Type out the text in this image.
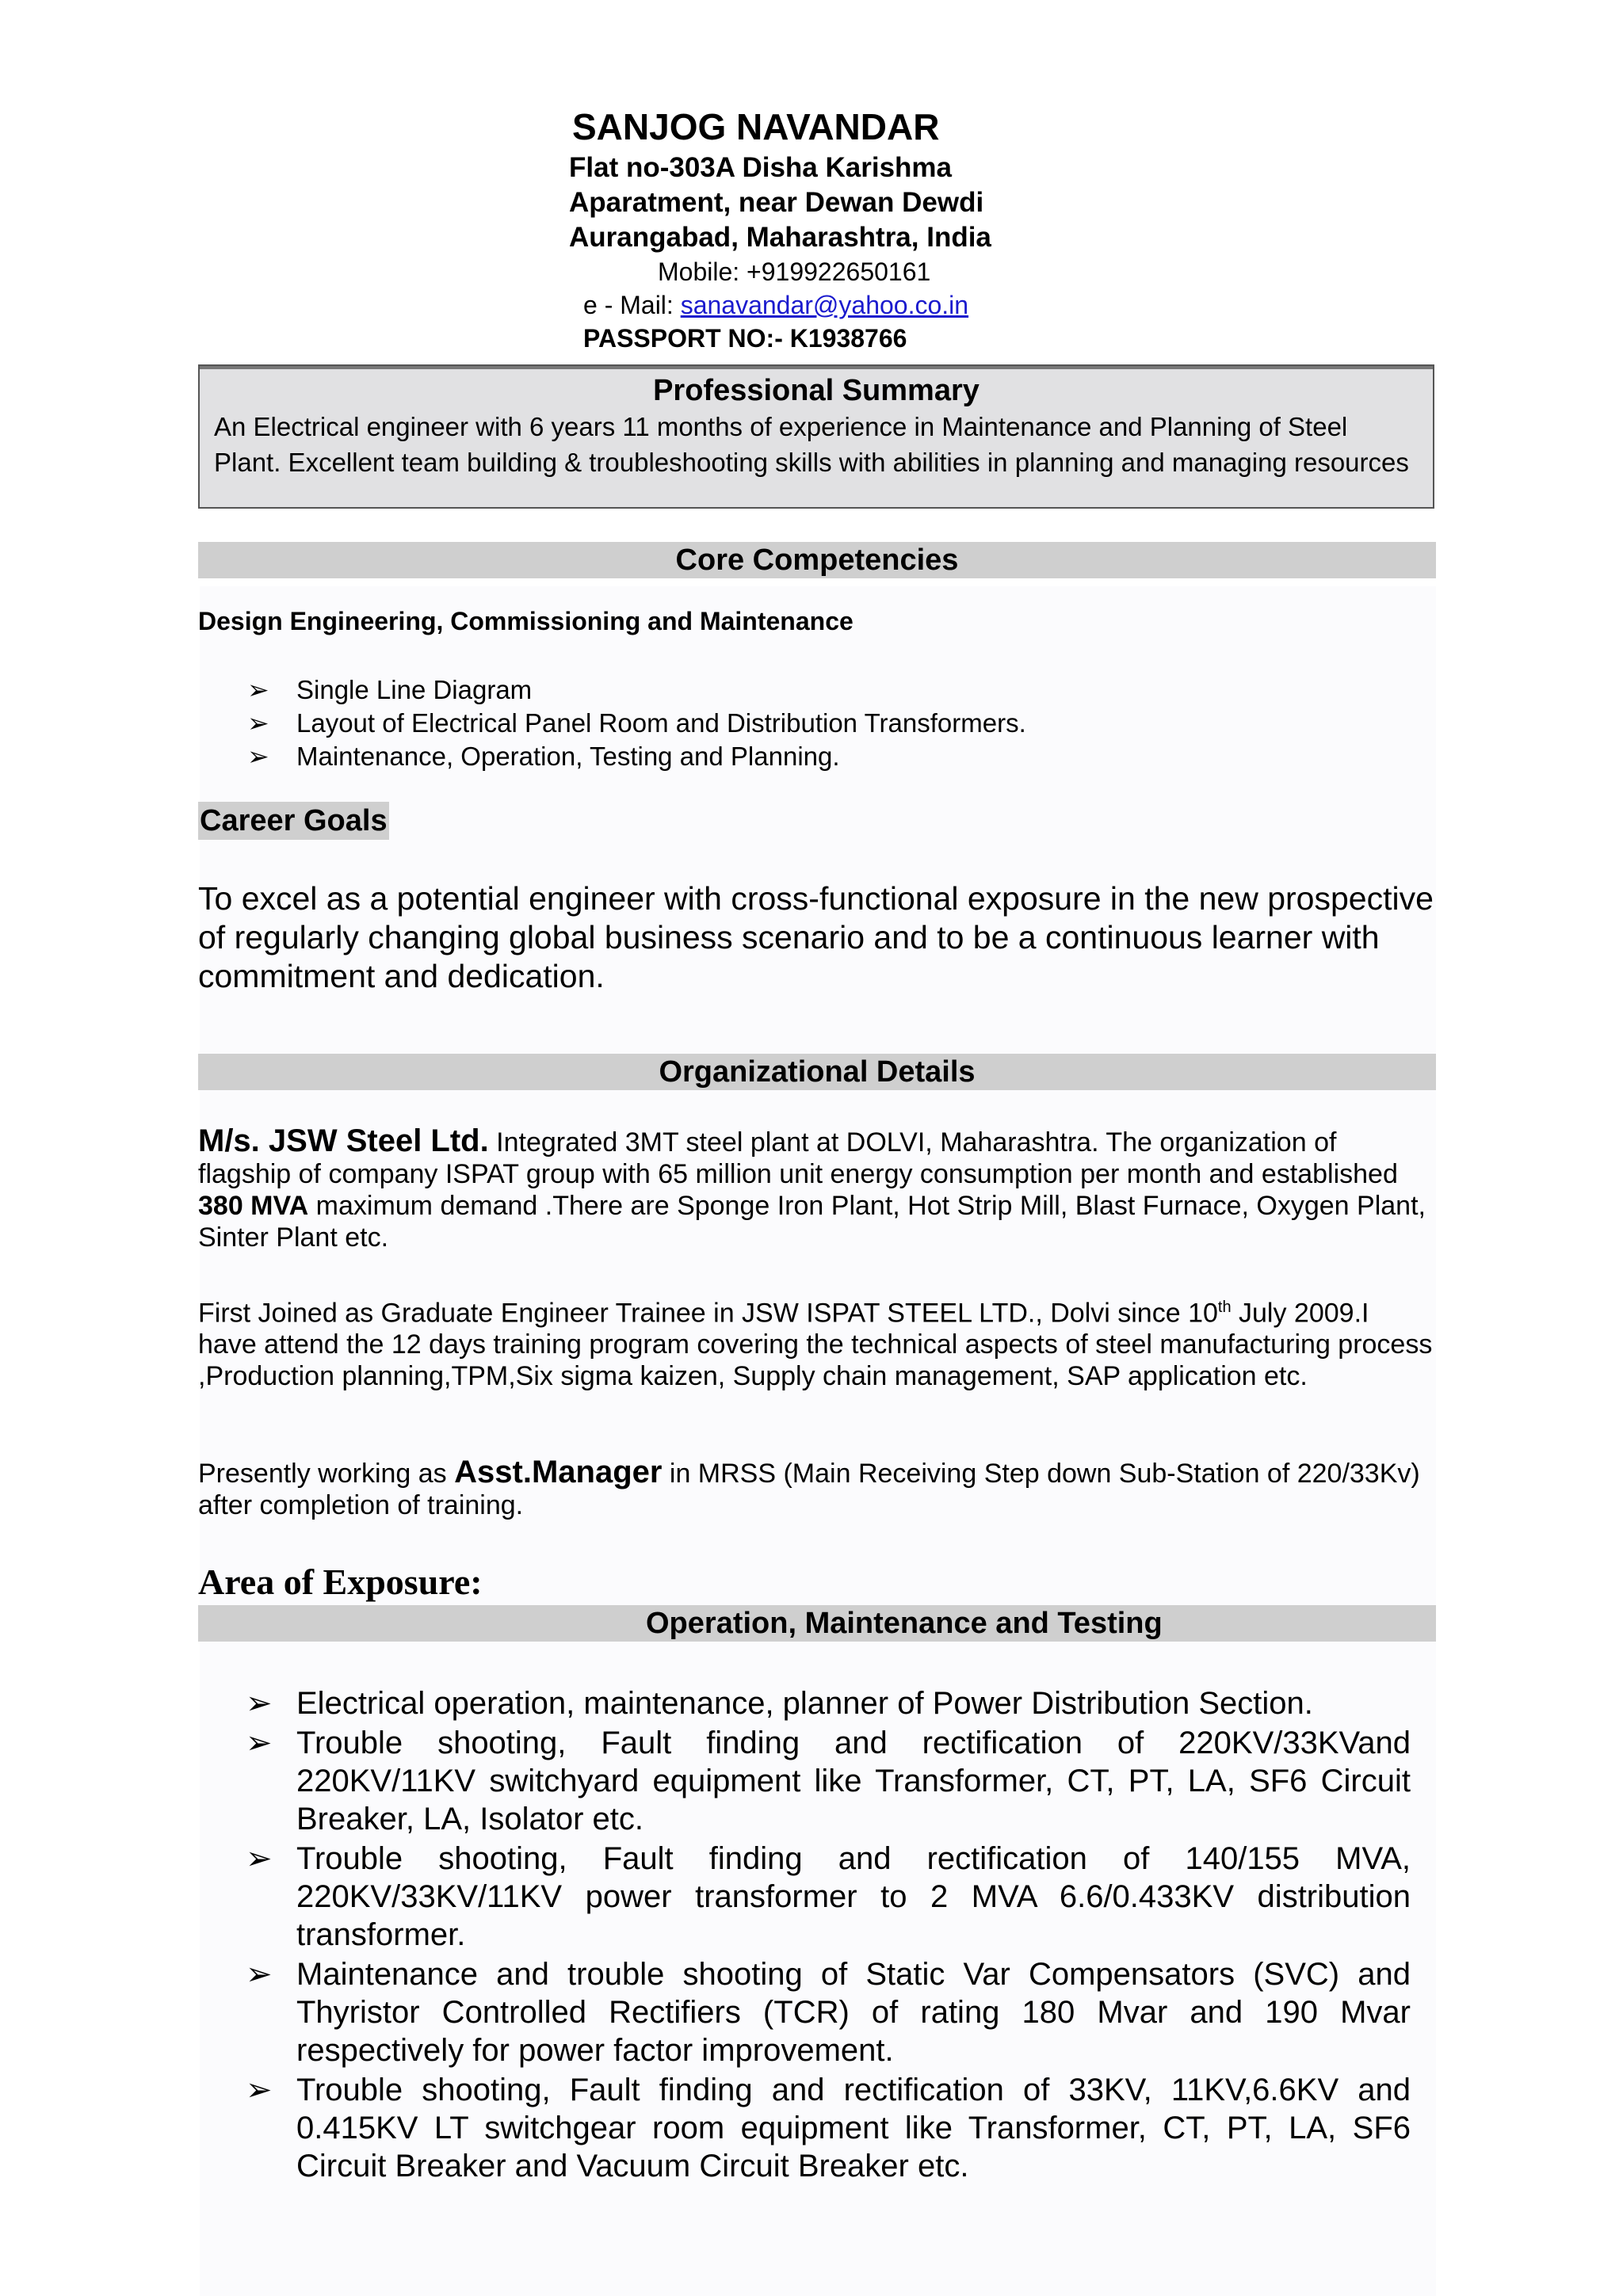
SANJOG NAVANDAR
Flat no-303A Disha Karishma
Aparatment, near Dewan Dewdi
Aurangabad, Maharashtra, India
Mobile: +919922650161
e - Mail: sanavandar@yahoo.co.in
PASSPORT NO:- K1938766
Professional Summary
An Electrical engineer with 6 years 11 months of experience in Maintenance and Planning of Steel Plant. Excellent team building & troubleshooting skills with abilities in planning and managing resources
Core Competencies
Design Engineering, Commissioning and Maintenance
➢ Single Line Diagram
➢ Layout of Electrical Panel Room and Distribution Transformers.
➢ Maintenance, Operation, Testing and Planning.
Career Goals
To excel as a potential engineer with cross-functional exposure in the new prospective of regularly changing global business scenario and to be a continuous learner with commitment and dedication.
Organizational Details
M/s. JSW Steel Ltd. Integrated 3MT steel plant at DOLVI, Maharashtra. The organization of flagship of company ISPAT group with 65 million unit energy consumption per month and established 380 MVA maximum demand .There are Sponge Iron Plant, Hot Strip Mill, Blast Furnace, Oxygen Plant, Sinter Plant etc.
First Joined as Graduate Engineer Trainee in JSW ISPAT STEEL LTD., Dolvi since 10th July 2009.I have attend the 12 days training program covering the technical aspects of steel manufacturing process ,Production planning,TPM,Six sigma kaizen, Supply chain management, SAP application etc.
Presently working as Asst.Manager in MRSS (Main Receiving Step down Sub-Station of 220/33Kv) after completion of training.
Area of Exposure:
Operation, Maintenance and Testing
➢ Electrical operation, maintenance, planner of Power Distribution Section.
➢ Trouble shooting, Fault finding and rectification of 220KV/33KVand 220KV/11KV switchyard equipment like Transformer, CT, PT, LA, SF6 Circuit Breaker, LA, Isolator etc.
➢ Trouble shooting, Fault finding and rectification of 140/155 MVA, 220KV/33KV/11KV power transformer to 2 MVA 6.6/0.433KV distribution transformer.
➢ Maintenance and trouble shooting of Static Var Compensators (SVC) and Thyristor Controlled Rectifiers (TCR) of rating 180 Mvar and 190 Mvar respectively for power factor improvement.
➢ Trouble shooting, Fault finding and rectification of 33KV, 11KV,6.6KV and 0.415KV LT switchgear room equipment like Transformer, CT, PT, LA, SF6 Circuit Breaker and Vacuum Circuit Breaker etc.
